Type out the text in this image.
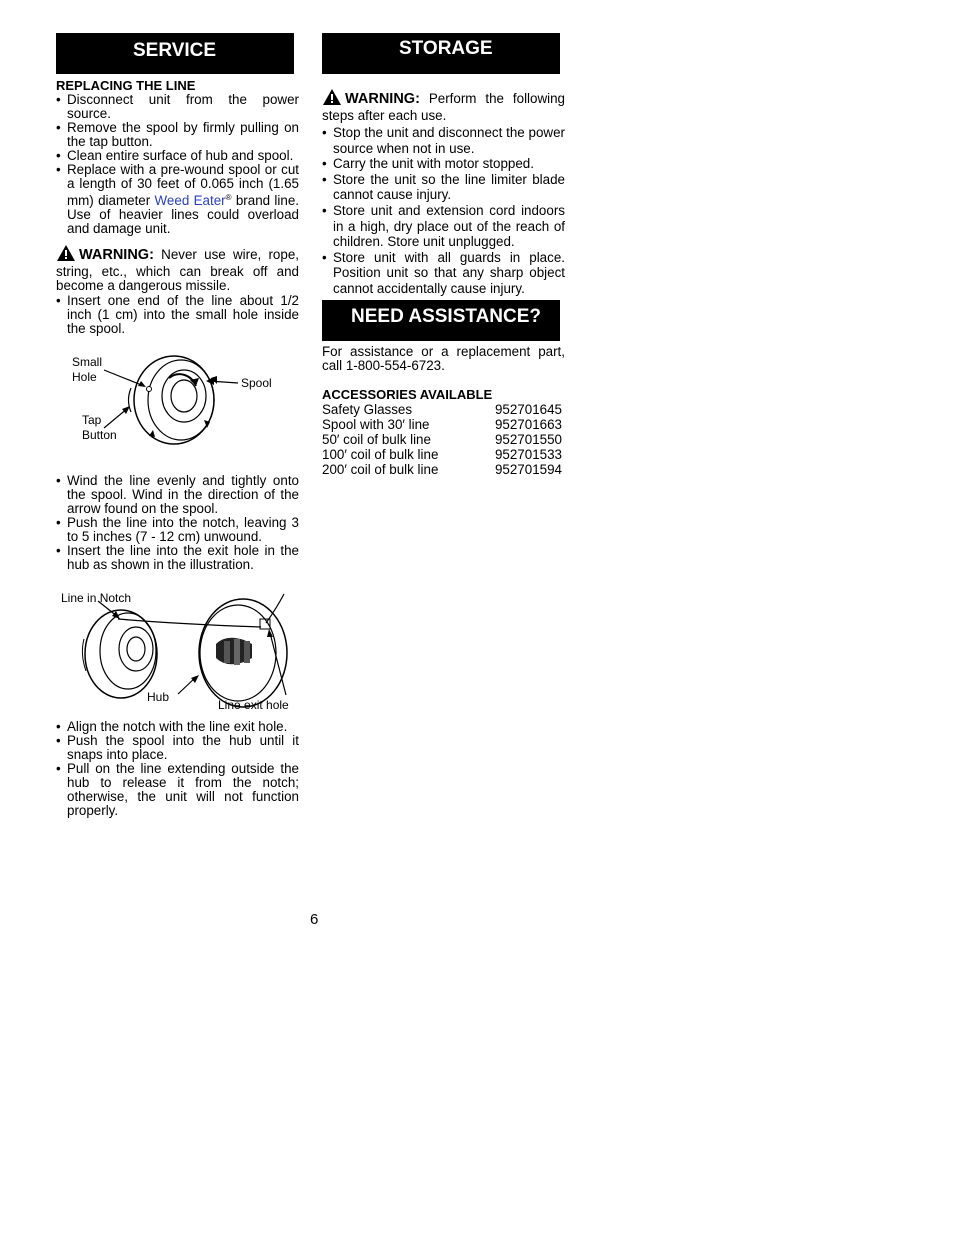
SERVICE
REPLACING THE LINE
• Disconnect unit from the power source.
• Remove the spool by firmly pulling on the tap button.
• Clean entire surface of hub and spool.
• Replace with a pre-wound spool or cut a length of 30 feet of 0.065 inch (1.65 mm) diameter Weed Eater® brand line. Use of heavier lines could overload and damage unit.
WARNING: Never use wire, rope, string, etc., which can break off and become a dangerous missile.
• Insert one end of the line about 1/2 inch (1 cm) into the small hole inside the spool.
Small
Hole	Spool
Tap
Button
• Wind the line evenly and tightly onto the spool. Wind in the direction of the arrow found on the spool.
• Push the line into the notch, leaving 3 to 5 inches (7 - 12 cm) unwound.
• Insert the line into the exit hole in the hub as shown in the illustration.
Line in Notch
Hub
Line exit hole
• Align the notch with the line exit hole.
• Push the spool into the hub until it snaps into place.
• Pull on the line extending outside the hub to release it from the notch; otherwise, the unit will not function properly.
STORAGE
WARNING: Perform the following steps after each use.
• Stop the unit and disconnect the power source when not in use.
• Carry the unit with motor stopped.
• Store the unit so the line limiter blade cannot cause injury.
• Store unit and extension cord indoors in a high, dry place out of the reach of children. Store unit unplugged.
• Store unit with all guards in place. Position unit so that any sharp object cannot accidentally cause injury.
NEED ASSISTANCE?
For assistance or a replacement part, call 1-800-554-6723.
ACCESSORIES AVAILABLE
Safety Glasses	952701645
Spool with 30′ line	952701663
50′ coil of bulk line	952701550
100′ coil of bulk line	952701533
200′ coil of bulk line	952701594
6
